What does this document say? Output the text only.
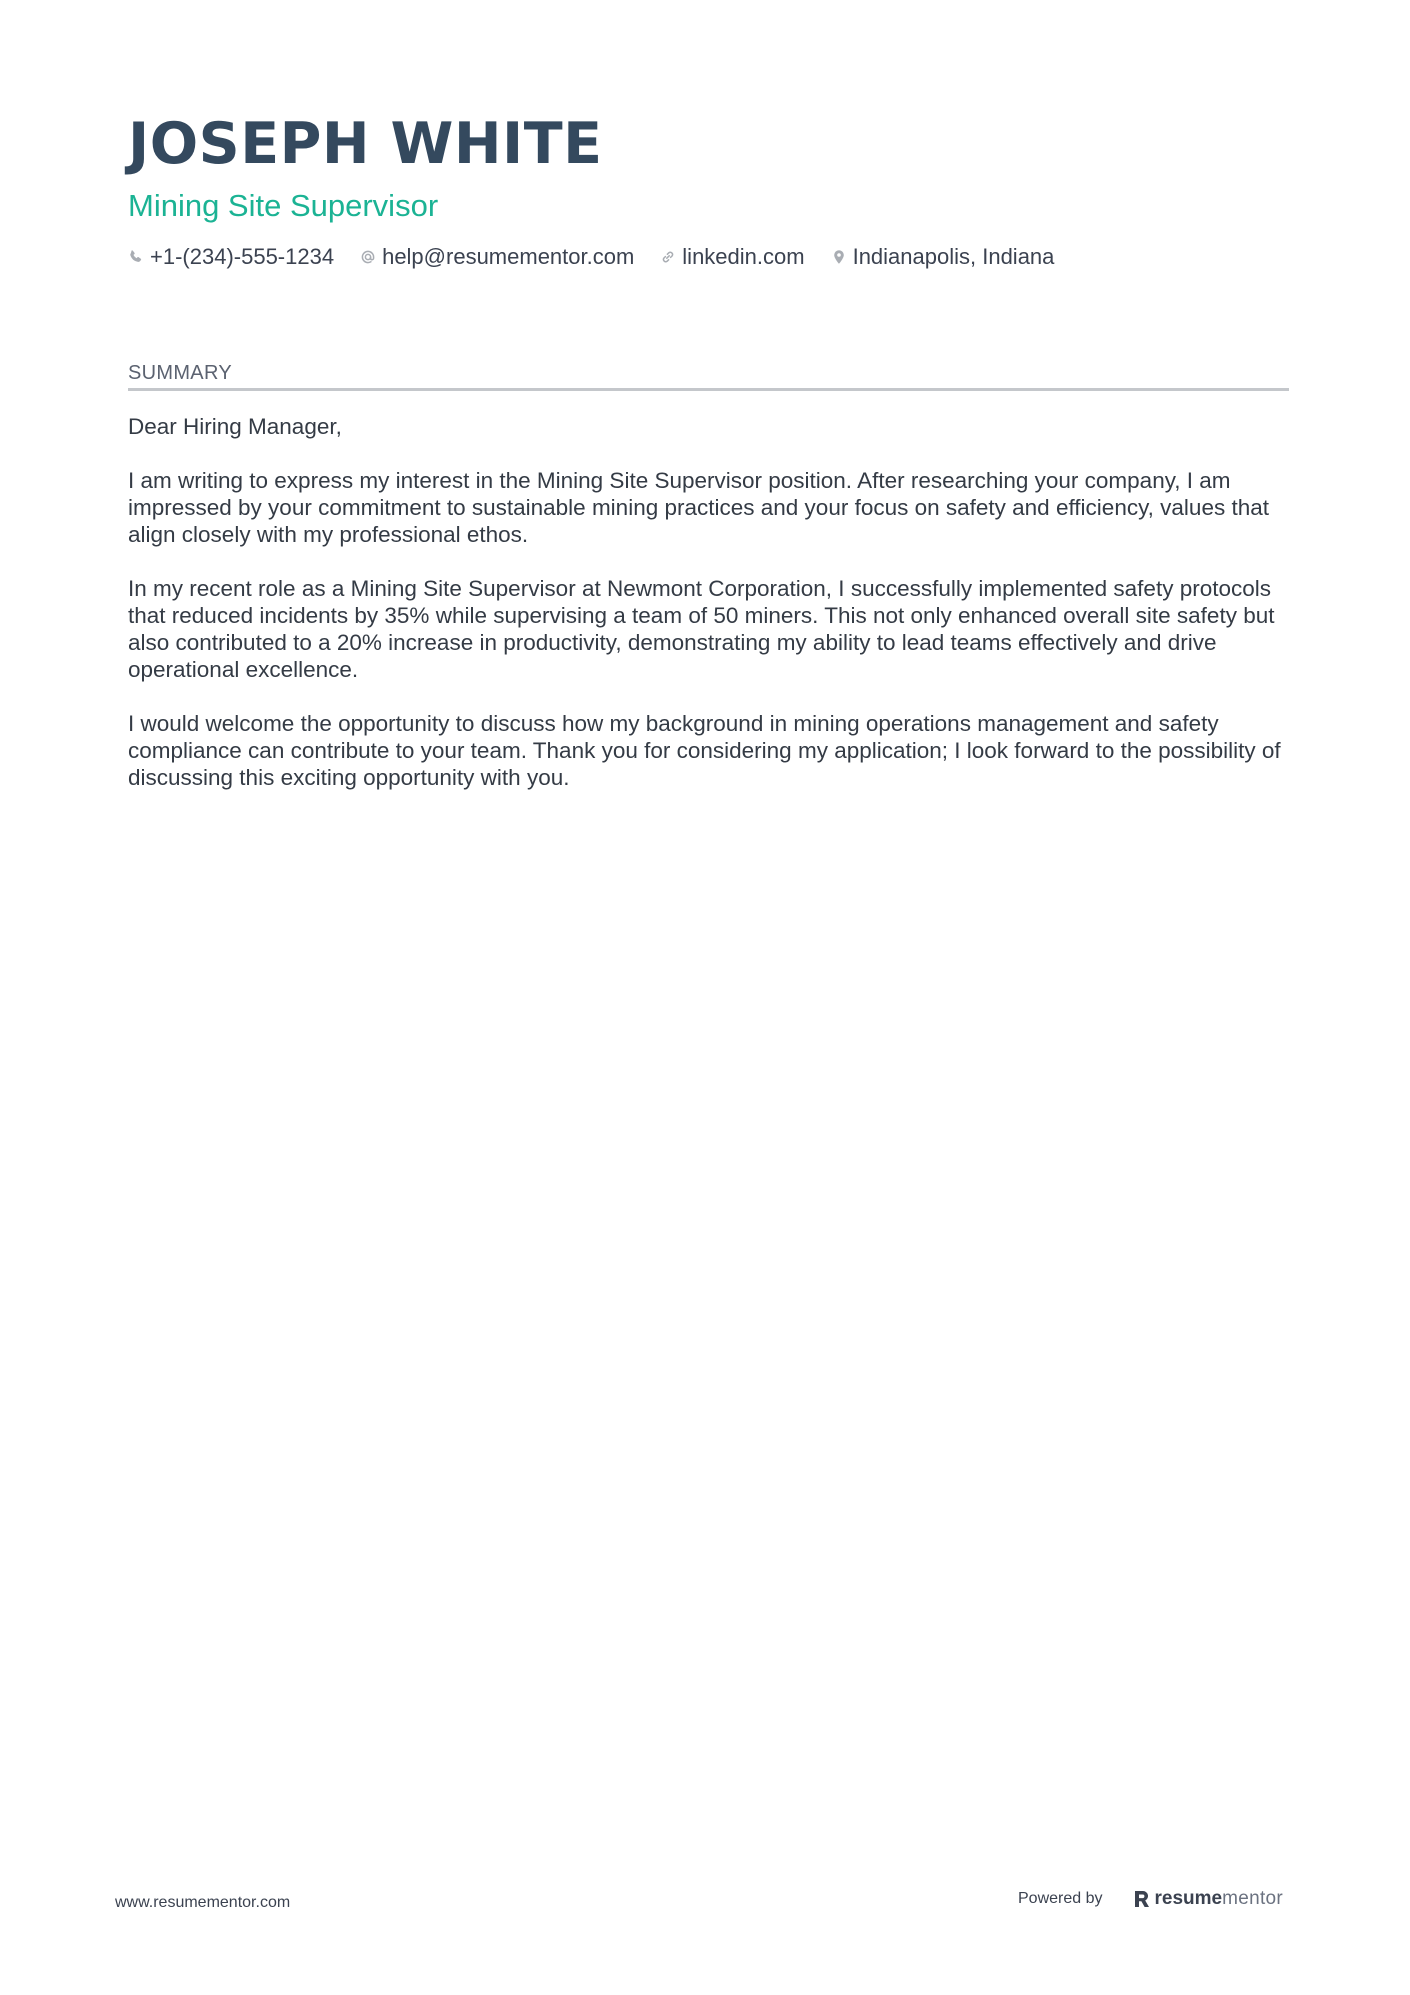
JOSEPH WHITE
Mining Site Supervisor
+1-(234)-555-1234 help@resumementor.com linkedin.com Indianapolis, Indiana
SUMMARY

Dear Hiring Manager,

I am writing to express my interest in the Mining Site Supervisor position. After researching your company, I am impressed by your commitment to sustainable mining practices and your focus on safety and efficiency, values that align closely with my professional ethos.

In my recent role as a Mining Site Supervisor at Newmont Corporation, I successfully implemented safety protocols that reduced incidents by 35% while supervising a team of 50 miners. This not only enhanced overall site safety but also contributed to a 20% increase in productivity, demonstrating my ability to lead teams effectively and drive operational excellence.

I would welcome the opportunity to discuss how my background in mining operations management and safety compliance can contribute to your team. Thank you for considering my application; I look forward to the possibility of discussing this exciting opportunity with you.

www.resumementor.com	Powered by	resume mentor
